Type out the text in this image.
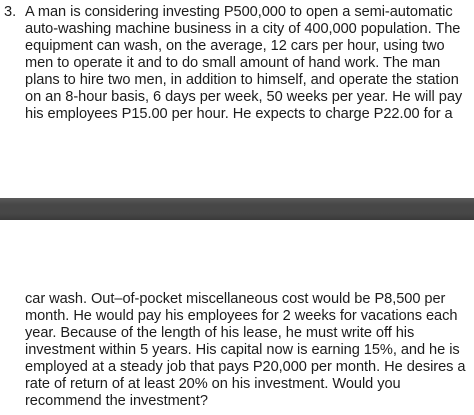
3. A man is considering investing P500,000 to open a semi-automatic
auto-washing machine business in a city of 400,000 population. The
equipment can wash, on the average, 12 cars per hour, using two
men to operate it and to do small amount of hand work. The man
plans to hire two men, in addition to himself, and operate the station
on an 8-hour basis, 6 days per week, 50 weeks per year. He will pay
his employees P15.00 per hour. He expects to charge P22.00 for a
car wash. Out–of-pocket miscellaneous cost would be P8,500 per
month. He would pay his employees for 2 weeks for vacations each
year. Because of the length of his lease, he must write off his
investment within 5 years. His capital now is earning 15%, and he is
employed at a steady job that pays P20,000 per month. He desires a
rate of return of at least 20% on his investment. Would you
recommend the investment?
